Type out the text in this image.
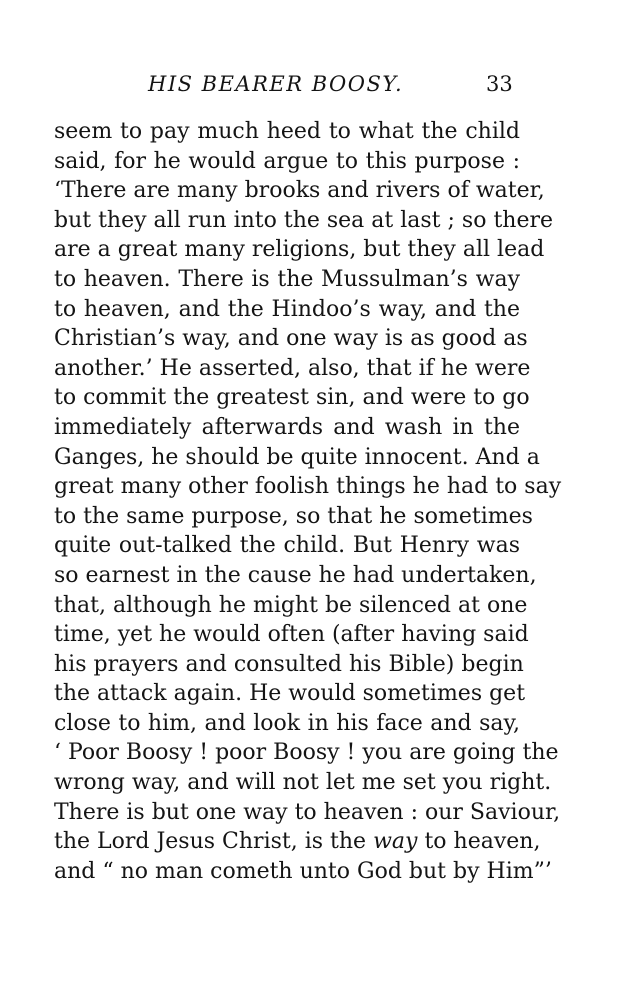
HIS BEARER BOOSY.	33
seem to pay much heed to what the child
said, for he would argue to this purpose :
‘There are many brooks and rivers of water,
but they all run into the sea at last ; so there
are a great many religions, but they all lead
to heaven. There is the Mussulman’s way
to heaven, and the Hindoo’s way, and the
Christian’s way, and one way is as good as
another.’ He asserted, also, that if he were
to commit the greatest sin, and were to go
immediately afterwards and wash in the
Ganges, he should be quite innocent. And a
great many other foolish things he had to say
to the same purpose, so that he sometimes
quite out-talked the child. But Henry was
so earnest in the cause he had undertaken,
that, although he might be silenced at one
time, yet he would often (after having said
his prayers and consulted his Bible) begin
the attack again. He would sometimes get
close to him, and look in his face and say,
‘ Poor Boosy ! poor Boosy ! you are going the
wrong way, and will not let me set you right.
There is but one way to heaven : our Saviour,
the Lord Jesus Christ, is the way to heaven,
and “ no man cometh unto God but by Him”’
